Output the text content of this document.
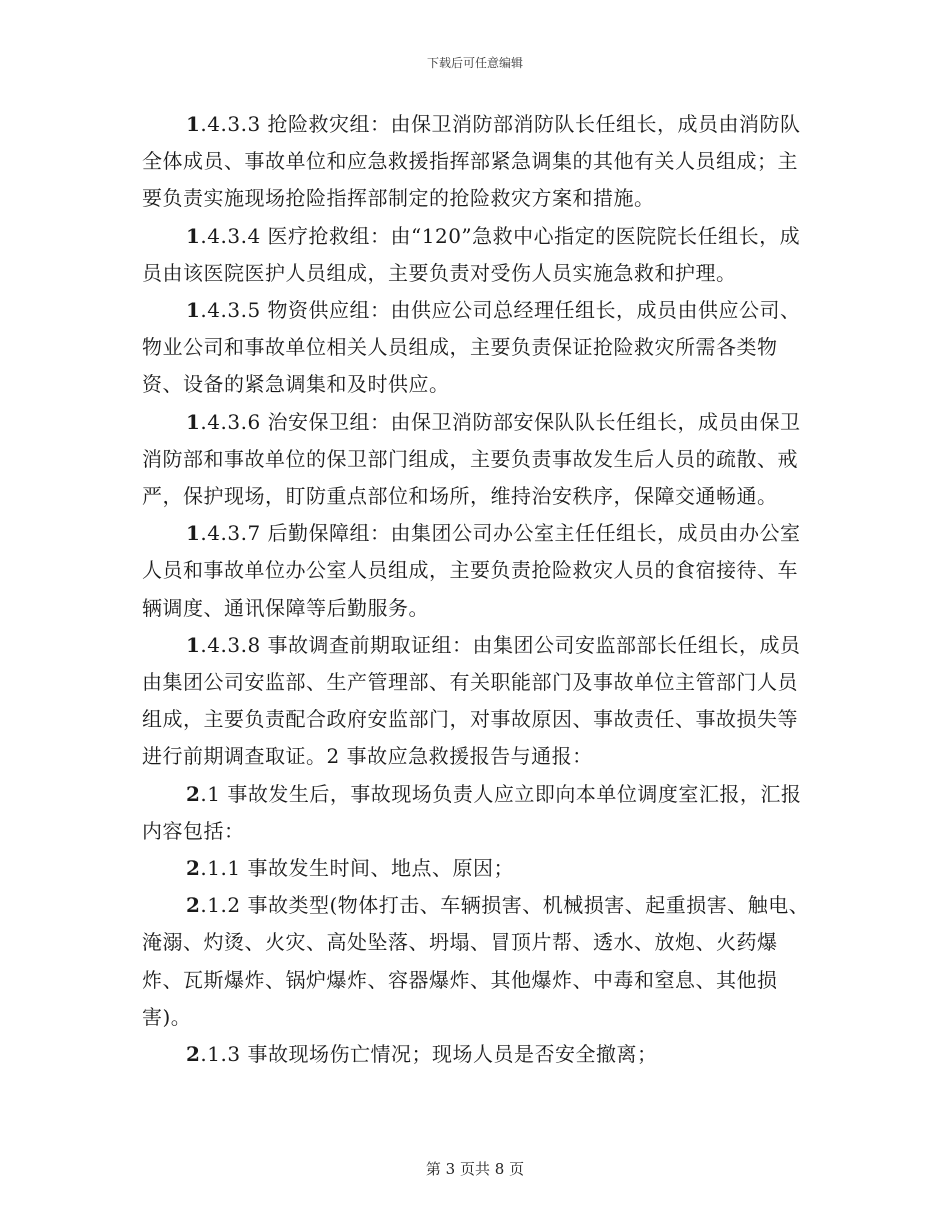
下载后可任意编辑

1.4.3.3 抢险救灾组：由保卫消防部消防队长任组长，成员由消防队全体成员、事故单位和应急救援指挥部紧急调集的其他有关人员组成；主要负责实施现场抢险指挥部制定的抢险救灾方案和措施。

1.4.3.4 医疗抢救组：由“120”急救中心指定的医院院长任组长，成员由该医院医护人员组成，主要负责对受伤人员实施急救和护理。

1.4.3.5 物资供应组：由供应公司总经理任组长，成员由供应公司、物业公司和事故单位相关人员组成，主要负责保证抢险救灾所需各类物资、设备的紧急调集和及时供应。

1.4.3.6 治安保卫组：由保卫消防部安保队队长任组长，成员由保卫消防部和事故单位的保卫部门组成，主要负责事故发生后人员的疏散、戒严，保护现场，盯防重点部位和场所，维持治安秩序，保障交通畅通。

1.4.3.7 后勤保障组：由集团公司办公室主任任组长，成员由办公室人员和事故单位办公室人员组成，主要负责抢险救灾人员的食宿接待、车辆调度、通讯保障等后勤服务。

1.4.3.8 事故调查前期取证组：由集团公司安监部部长任组长，成员由集团公司安监部、生产管理部、有关职能部门及事故单位主管部门人员组成，主要负责配合政府安监部门，对事故原因、事故责任、事故损失等进行前期调查取证。2 事故应急救援报告与通报：

2.1 事故发生后，事故现场负责人应立即向本单位调度室汇报，汇报内容包括：

2.1.1 事故发生时间、地点、原因；

2.1.2 事故类型(物体打击、车辆损害、机械损害、起重损害、触电、淹溺、灼烫、火灾、高处坠落、坍塌、冒顶片帮、透水、放炮、火药爆炸、瓦斯爆炸、锅炉爆炸、容器爆炸、其他爆炸、中毒和窒息、其他损害)。

2.1.3 事故现场伤亡情况；现场人员是否安全撤离；

第 3 页共 8 页
